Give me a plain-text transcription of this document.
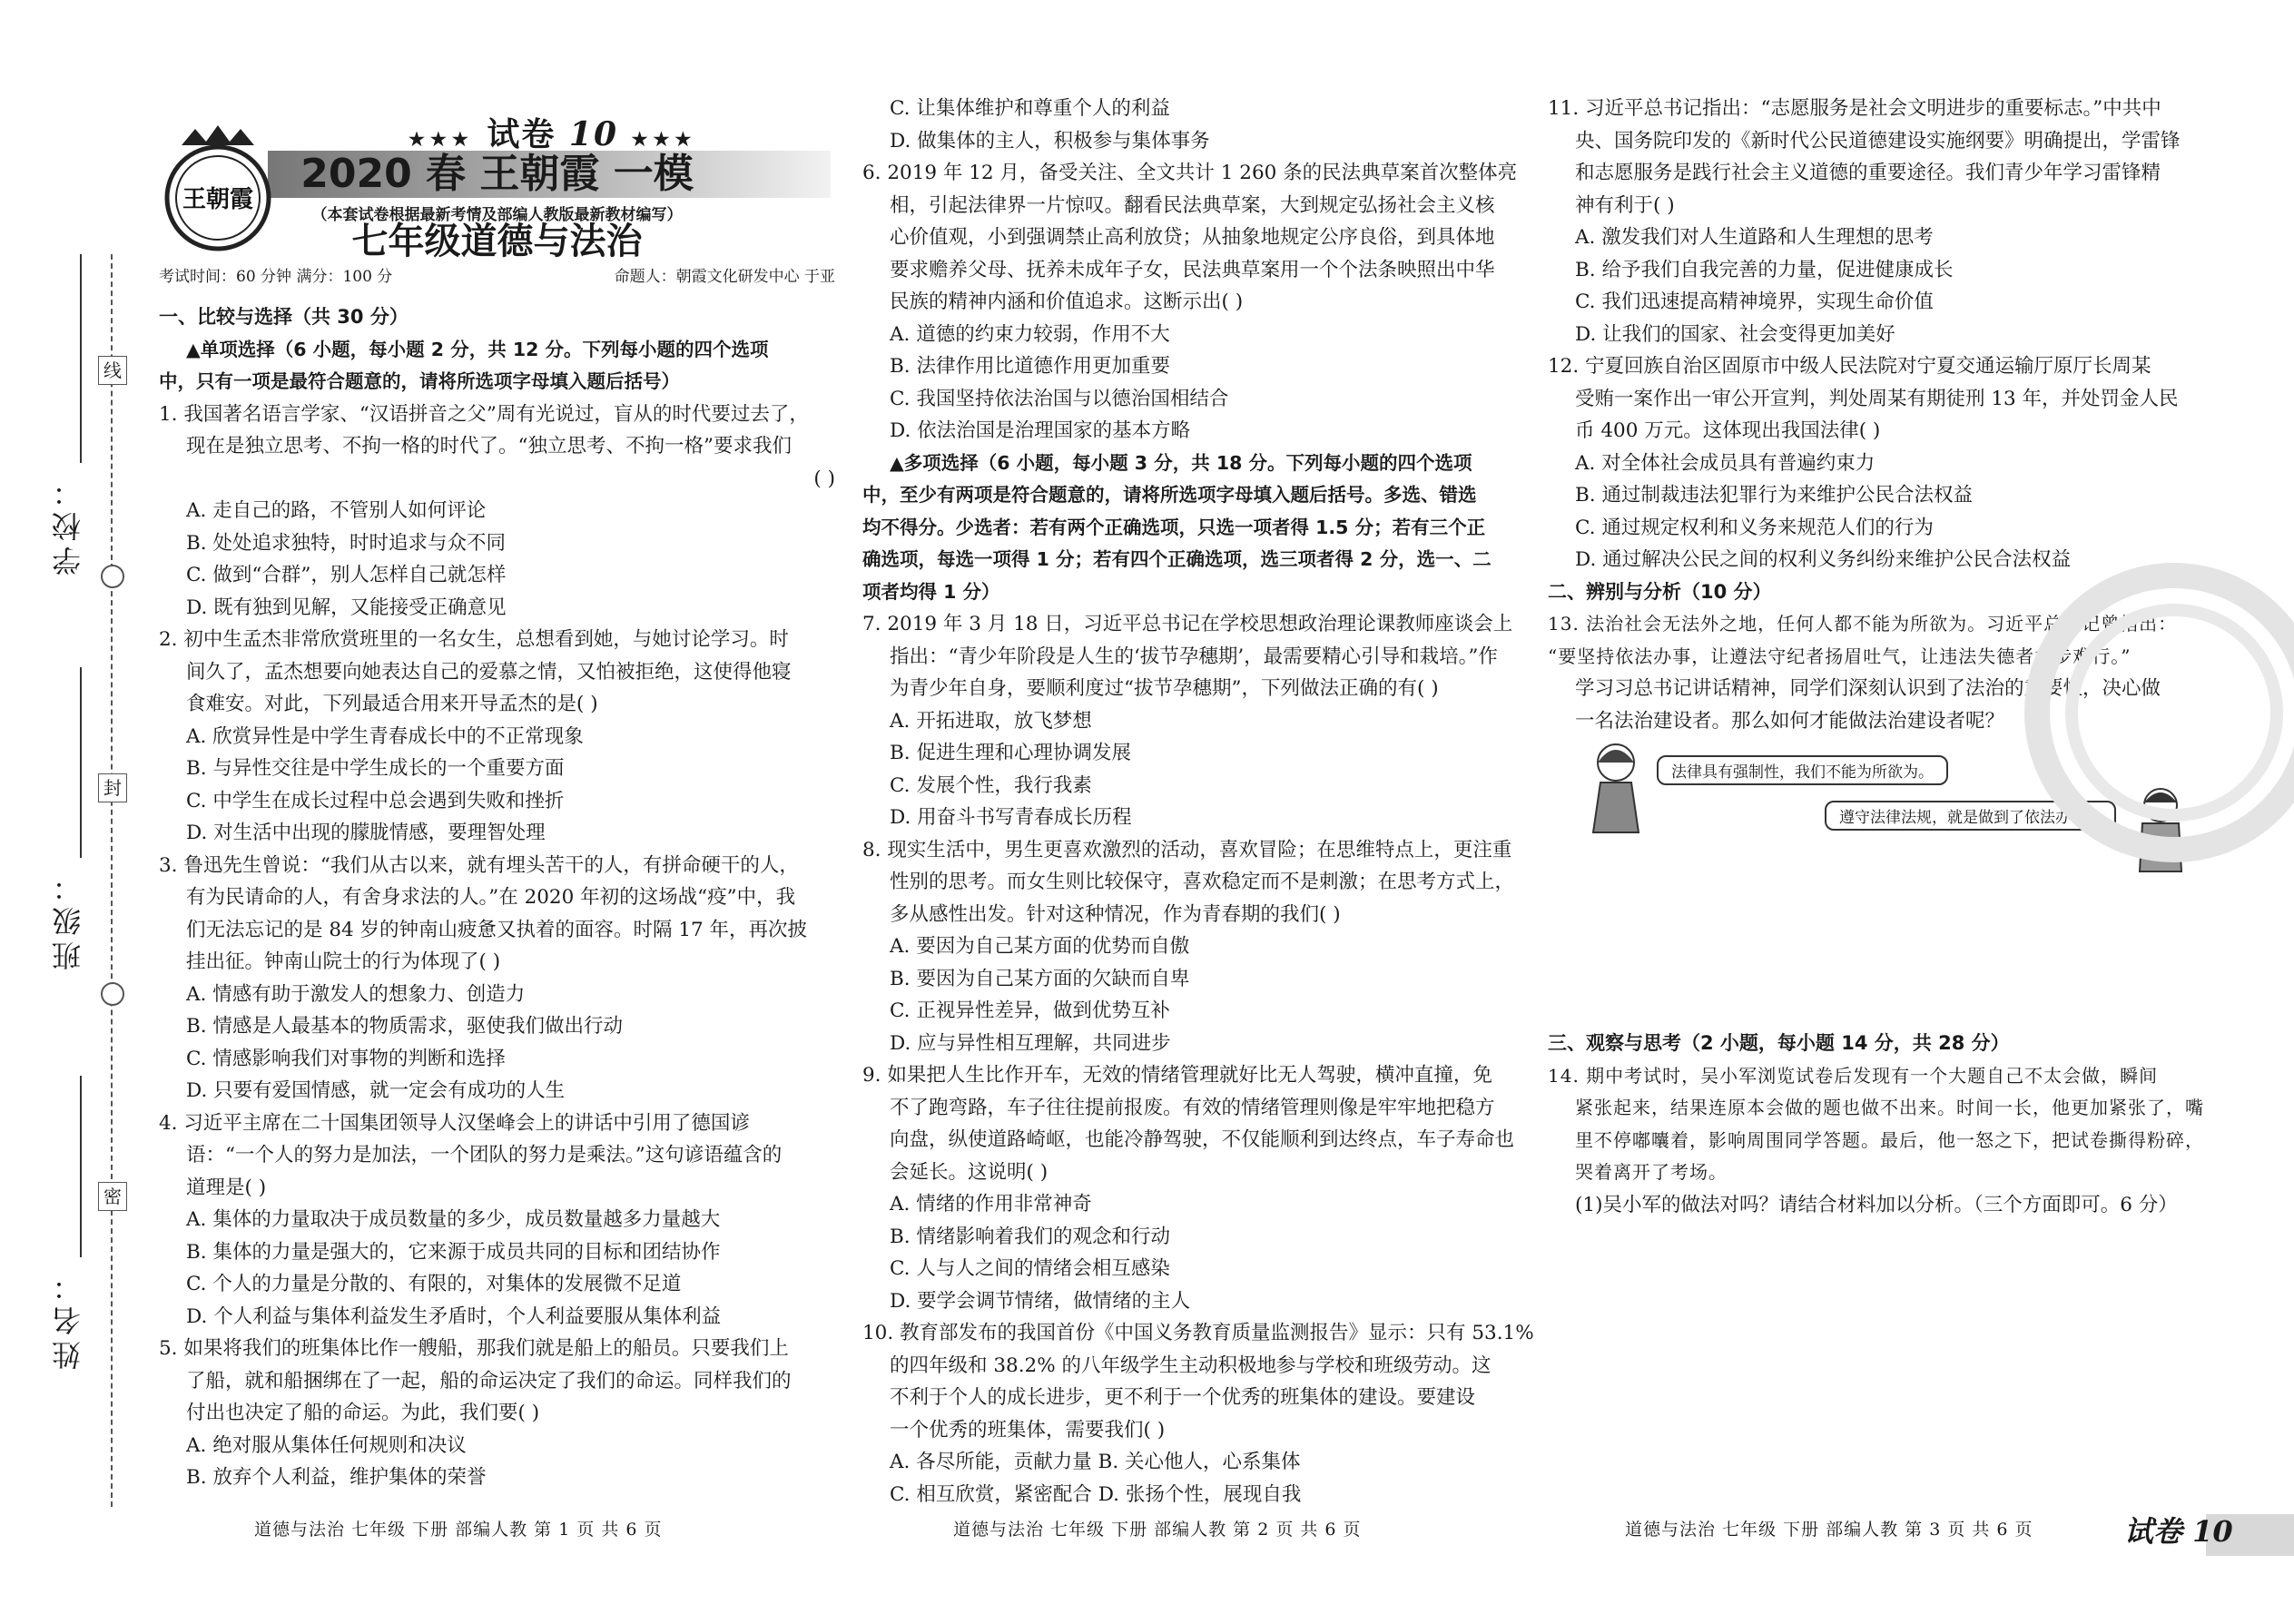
线
封
密
学校：
班级：
姓名：
王朝霞
★★★ 试卷 10 ★★★
2020 春 王朝霞 一模
（本套试卷根据最新考情及部编人教版最新教材编写）
七年级道德与法治
考试时间：60 分钟 满分：100 分	命题人：朝霞文化研发中心 于亚

一、比较与选择（共 30 分）

▲单项选择（6 小题，每小题 2 分，共 12 分。下列每小题的四个选项

中，只有一项是最符合题意的，请将所选项字母填入题后括号）

1. 我国著名语言学家、“汉语拼音之父”周有光说过，盲从的时代要过去了，

现在是独立思考、不拘一格的时代了。“独立思考、不拘一格”要求我们

( )

A. 走自己的路，不管别人如何评论

B. 处处追求独特，时时追求与众不同

C. 做到“合群”，别人怎样自己就怎样

D. 既有独到见解，又能接受正确意见

2. 初中生孟杰非常欣赏班里的一名女生，总想看到她，与她讨论学习。时

间久了，孟杰想要向她表达自己的爱慕之情，又怕被拒绝，这使得他寝

食难安。对此，下列最适合用来开导孟杰的是( )

A. 欣赏异性是中学生青春成长中的不正常现象

B. 与异性交往是中学生成长的一个重要方面

C. 中学生在成长过程中总会遇到失败和挫折

D. 对生活中出现的朦胧情感，要理智处理

3. 鲁迅先生曾说：“我们从古以来，就有埋头苦干的人，有拼命硬干的人，

有为民请命的人，有舍身求法的人。”在 2020 年初的这场战“疫”中，我

们无法忘记的是 84 岁的钟南山疲惫又执着的面容。时隔 17 年，再次披

挂出征。钟南山院士的行为体现了( )

A. 情感有助于激发人的想象力、创造力

B. 情感是人最基本的物质需求，驱使我们做出行动

C. 情感影响我们对事物的判断和选择

D. 只要有爱国情感，就一定会有成功的人生

4. 习近平主席在二十国集团领导人汉堡峰会上的讲话中引用了德国谚

语：“一个人的努力是加法，一个团队的努力是乘法。”这句谚语蕴含的

道理是( )

A. 集体的力量取决于成员数量的多少，成员数量越多力量越大

B. 集体的力量是强大的，它来源于成员共同的目标和团结协作

C. 个人的力量是分散的、有限的，对集体的发展微不足道

D. 个人利益与集体利益发生矛盾时，个人利益要服从集体利益

5. 如果将我们的班集体比作一艘船，那我们就是船上的船员。只要我们上

了船，就和船捆绑在了一起，船的命运决定了我们的命运。同样我们的

付出也决定了船的命运。为此，我们要( )

A. 绝对服从集体任何规则和决议

B. 放弃个人利益，维护集体的荣誉

C. 让集体维护和尊重个人的利益

D. 做集体的主人，积极参与集体事务

6. 2019 年 12 月，备受关注、全文共计 1 260 条的民法典草案首次整体亮

相，引起法律界一片惊叹。翻看民法典草案，大到规定弘扬社会主义核

心价值观，小到强调禁止高利放贷；从抽象地规定公序良俗，到具体地

要求赡养父母、抚养未成年子女，民法典草案用一个个法条映照出中华

民族的精神内涵和价值追求。这断示出( )

A. 道德的约束力较弱，作用不大

B. 法律作用比道德作用更加重要

C. 我国坚持依法治国与以德治国相结合

D. 依法治国是治理国家的基本方略

▲多项选择（6 小题，每小题 3 分，共 18 分。下列每小题的四个选项

中，至少有两项是符合题意的，请将所选项字母填入题后括号。多选、错选

均不得分。少选者：若有两个正确选项，只选一项者得 1.5 分；若有三个正

确选项，每选一项得 1 分；若有四个正确选项，选三项者得 2 分，选一、二

项者均得 1 分）

7. 2019 年 3 月 18 日，习近平总书记在学校思想政治理论课教师座谈会上

指出：“青少年阶段是人生的‘拔节孕穗期’，最需要精心引导和栽培。”作

为青少年自身，要顺利度过“拔节孕穗期”，下列做法正确的有( )

A. 开拓进取，放飞梦想

B. 促进生理和心理协调发展

C. 发展个性，我行我素

D. 用奋斗书写青春成长历程

8. 现实生活中，男生更喜欢激烈的活动，喜欢冒险；在思维特点上，更注重

性别的思考。而女生则比较保守，喜欢稳定而不是刺激；在思考方式上，

多从感性出发。针对这种情况，作为青春期的我们( )

A. 要因为自己某方面的优势而自傲

B. 要因为自己某方面的欠缺而自卑

C. 正视异性差异，做到优势互补

D. 应与异性相互理解，共同进步

9. 如果把人生比作开车，无效的情绪管理就好比无人驾驶，横冲直撞，免

不了跑弯路，车子往往提前报废。有效的情绪管理则像是牢牢地把稳方

向盘，纵使道路崎岖，也能冷静驾驶，不仅能顺利到达终点，车子寿命也

会延长。这说明( )

A. 情绪的作用非常神奇

B. 情绪影响着我们的观念和行动

C. 人与人之间的情绪会相互感染

D. 要学会调节情绪，做情绪的主人

10. 教育部发布的我国首份《中国义务教育质量监测报告》显示：只有 53.1%

的四年级和 38.2% 的八年级学生主动积极地参与学校和班级劳动。这

不利于个人的成长进步，更不利于一个优秀的班集体的建设。要建设

一个优秀的班集体，需要我们( )

A. 各尽所能，贡献力量 B. 关心他人，心系集体

C. 相互欣赏，紧密配合 D. 张扬个性，展现自我

11. 习近平总书记指出：“志愿服务是社会文明进步的重要标志。”中共中

央、国务院印发的《新时代公民道德建设实施纲要》明确提出，学雷锋

和志愿服务是践行社会主义道德的重要途径。我们青少年学习雷锋精

神有利于( )

A. 激发我们对人生道路和人生理想的思考

B. 给予我们自我完善的力量，促进健康成长

C. 我们迅速提高精神境界，实现生命价值

D. 让我们的国家、社会变得更加美好

12. 宁夏回族自治区固原市中级人民法院对宁夏交通运输厅原厅长周某

受贿一案作出一审公开宣判，判处周某有期徒刑 13 年，并处罚金人民

币 400 万元。这体现出我国法律( )

A. 对全体社会成员具有普遍约束力

B. 通过制裁违法犯罪行为来维护公民合法权益

C. 通过规定权利和义务来规范人们的行为

D. 通过解决公民之间的权利义务纠纷来维护公民合法权益

二、辨别与分析（10 分）

13. 法治社会无法外之地，任何人都不能为所欲为。习近平总书记曾指出：

“要坚持依法办事，让遵法守纪者扬眉吐气，让违法失德者寸步难行。”

学习习总书记讲话精神，同学们深刻认识到了法治的重要性，决心做

一名法治建设者。那么如何才能做法治建设者呢？

法律具有强制性，我们不能为所欲为。
遵守法律法规，就是做到了依法办事。

三、观察与思考（2 小题，每小题 14 分，共 28 分）

14. 期中考试时，吴小军浏览试卷后发现有一个大题自己不太会做，瞬间

紧张起来，结果连原本会做的题也做不出来。时间一长，他更加紧张了，嘴

里不停嘟囔着，影响周围同学答题。最后，他一怒之下，把试卷撕得粉碎，

哭着离开了考场。

(1)吴小军的做法对吗？请结合材料加以分析。（三个方面即可。6 分）

道德与法治 七年级 下册 部编人教 第 1 页 共 6 页	道德与法治 七年级 下册 部编人教 第 2 页 共 6 页	道德与法治 七年级 下册 部编人教 第 3 页 共 6 页	试卷 10
